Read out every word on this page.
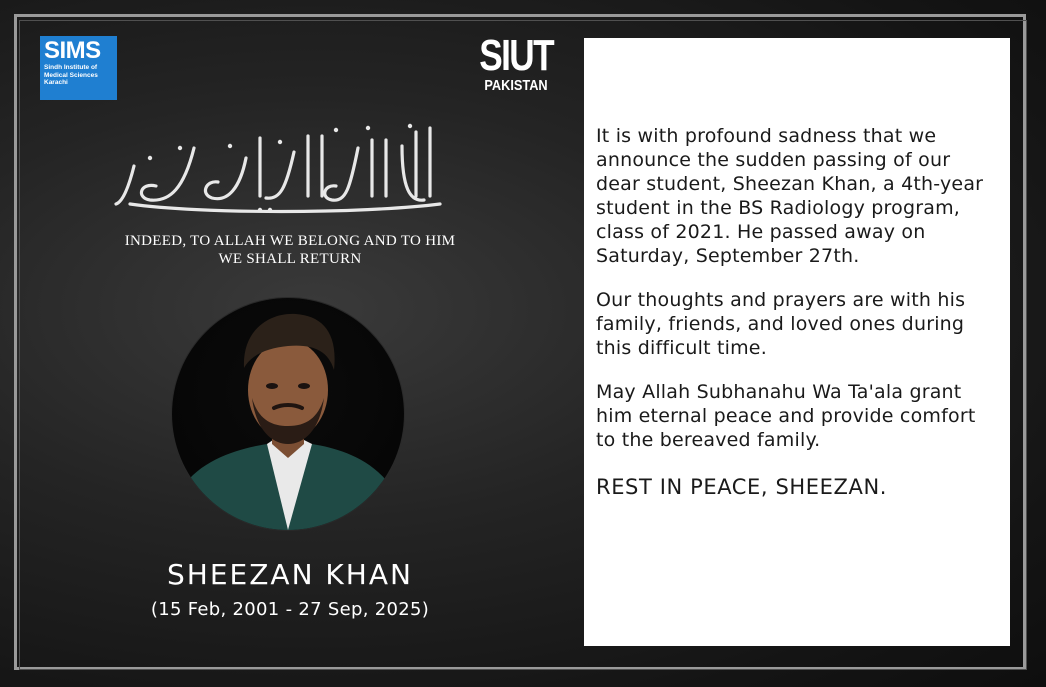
SIMS
Sindh Institute of
Medical Sciences
Karachi
SIUT
PAKISTAN
إِنَّا لِلَّٰهِ وَإِنَّا إِلَيْهِ رَاجِعُونَ
INDEED, TO ALLAH WE BELONG AND TO HIM
WE SHALL RETURN
SHEEZAN KHAN
(15 Feb, 2001 - 27 Sep, 2025)

It is with profound sadness that we announce the sudden passing of our dear student, Sheezan Khan, a 4th-year student in the BS Radiology program, class of 2021. He passed away on Saturday, September 27th.

Our thoughts and prayers are with his family, friends, and loved ones during this difficult time.

May Allah Subhanahu Wa Ta'ala grant him eternal peace and provide comfort to the bereaved family.

REST IN PEACE, SHEEZAN.
